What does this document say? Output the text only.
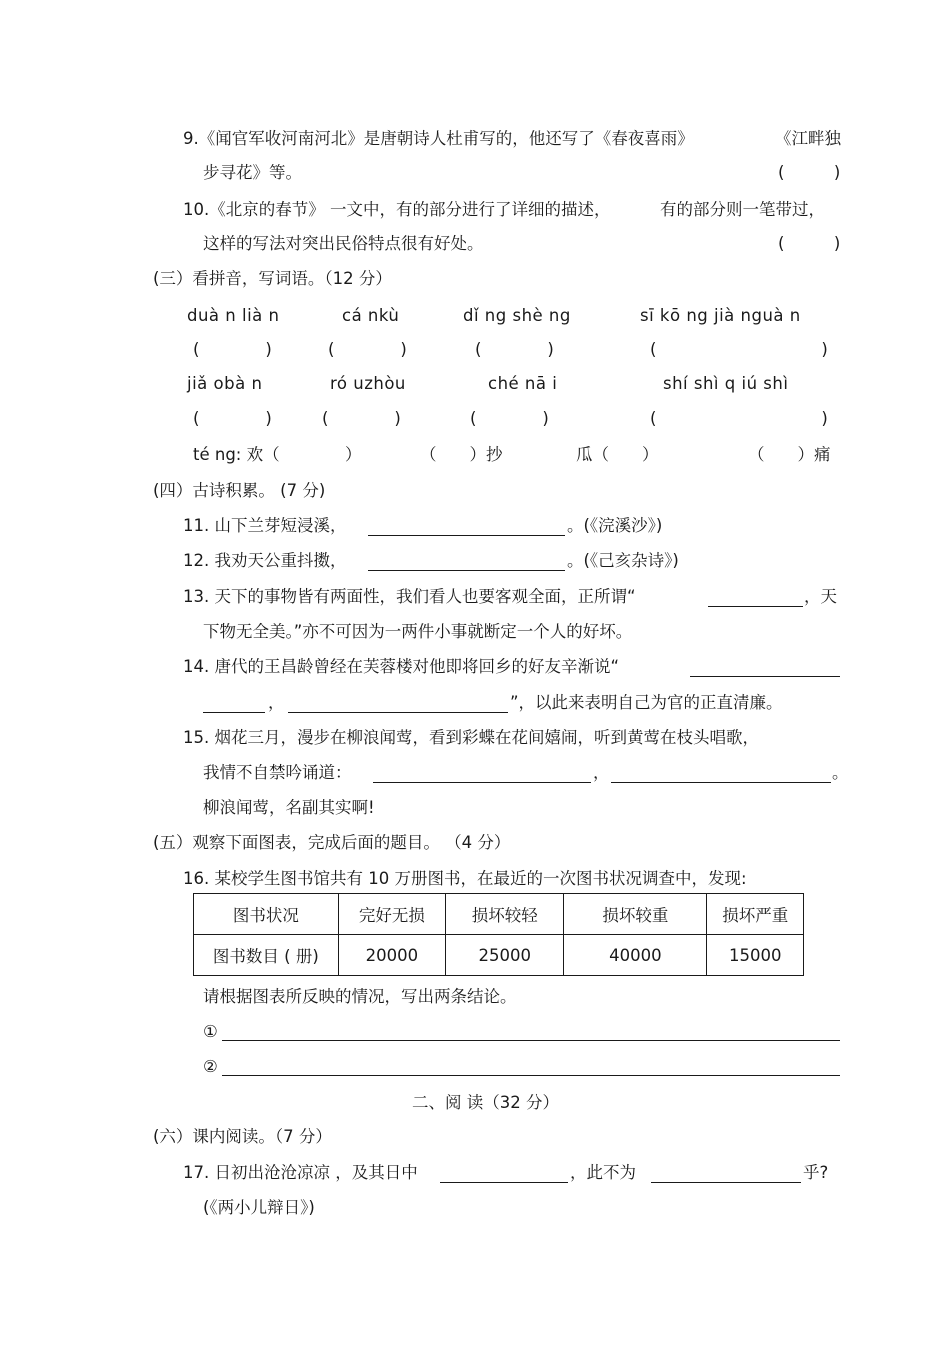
9.《闻官军收河南河北》是唐朝诗人杜甫写的，他还写了《春夜喜雨》	《江畔独
步寻花》等。	(　　　)
10.《北京的春节》 一文中，有的部分进行了详细的描述，	有的部分则一笔带过，
这样的写法对突出民俗特点很有好处。	(　　　)
(三）看拼音，写词语。（12 分）
duà n lià n	cá nkù	dǐ ng shè ng	sī kō ng jià nguà n
(　　　　)	(　　　　)	(　　　　)	(　　　　　　　　　　)
jiǎ obà n	ró uzhòu	ché nā i	shí shì q iú shì
(　　　　)	(　　　　)	(　　　　)	(　　　　　　　　　　)
té ng: 欢（	）	（　　）抄	瓜（　　）	（　　）痛
(四）古诗积累。 (7 分)
11. 山下兰芽短浸溪，	。(《浣溪沙》)
12. 我劝天公重抖擞，	。(《己亥杂诗》)
13. 天下的事物皆有两面性，我们看人也要客观全面，正所谓“	，天
下物无全美。”亦不可因为一两件小事就断定一个人的好坏。
14. 唐代的王昌龄曾经在芙蓉楼对他即将回乡的好友辛渐说“
，	”，以此来表明自己为官的正直清廉。
15. 烟花三月，漫步在柳浪闻莺，看到彩蝶在花间嬉闹，听到黄莺在枝头唱歌，
我情不自禁吟诵道：	，	。
柳浪闻莺，名副其实啊!
(五）观察下面图表，完成后面的题目。 （4 分）
16. 某校学生图书馆共有 10 万册图书，在最近的一次图书状况调查中，发现:
图书状况	完好无损	损坏较轻	损坏较重	损坏严重
图书数目 ( 册)	20000	25000	40000	15000
请根据图表所反映的情况，写出两条结论。
①
②
二、阅 读（32 分）
(六）课内阅读。（7 分）
17. 日初出沧沧凉凉 ，及其日中	，此不为	乎?
(《两小儿辩日》)
